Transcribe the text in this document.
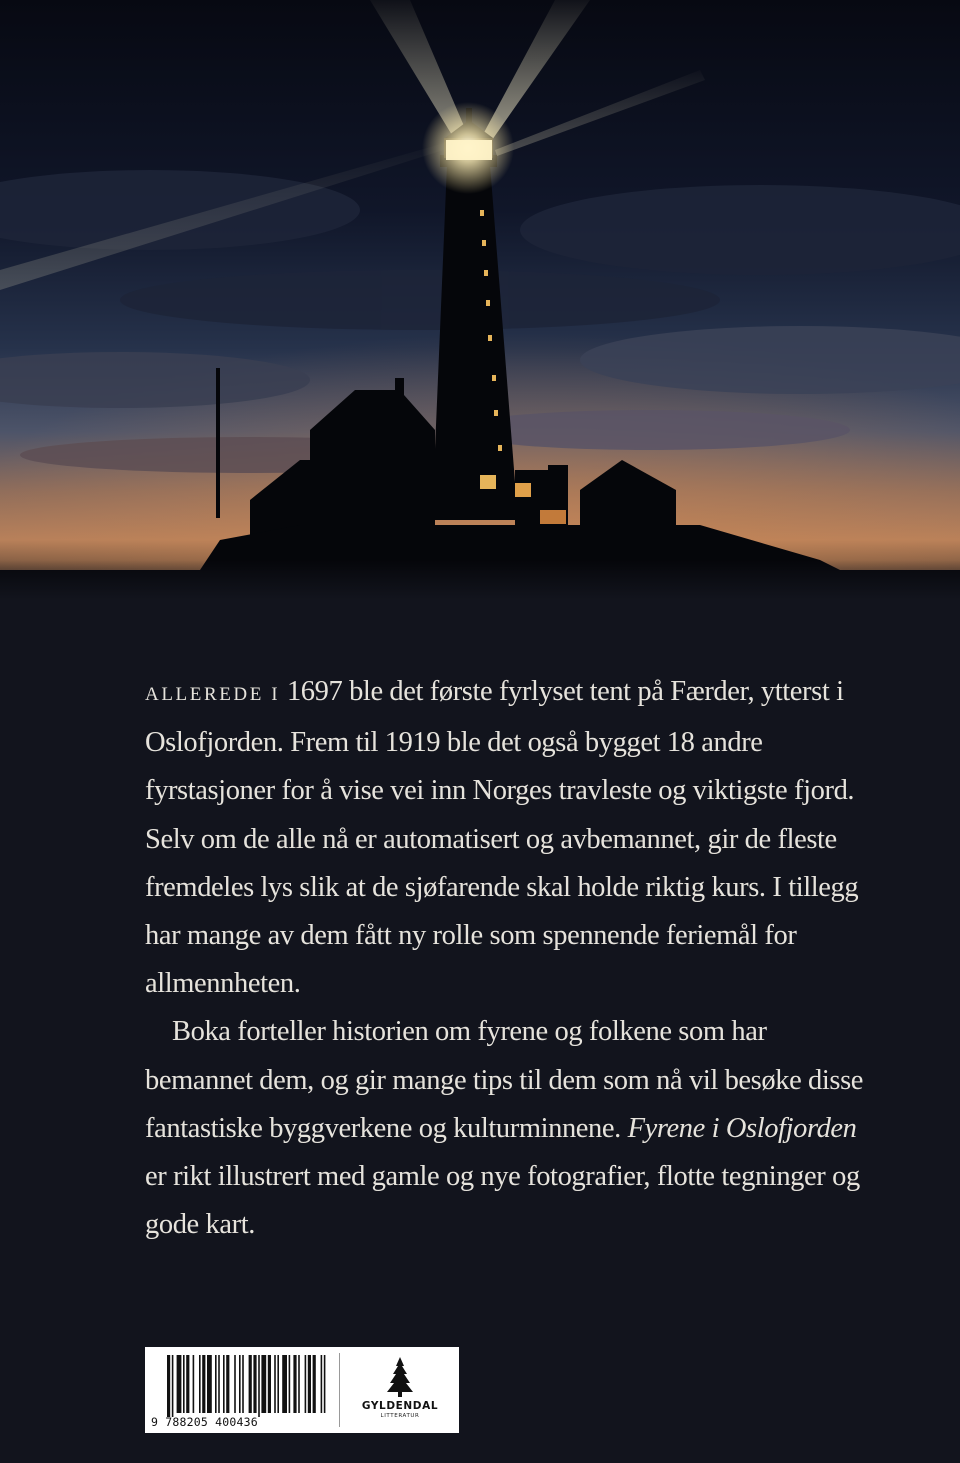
ALLEREDE I 1697 ble det første fyrlyset tent på Færder, ytterst i Oslofjorden. Frem til 1919 ble det også bygget 18 andre fyrstasjoner for å vise vei inn Norges travleste og viktigste fjord. Selv om de alle nå er automatisert og avbemannet, gir de fleste fremdeles lys slik at de sjøfarende skal holde riktig kurs. I tillegg har mange av dem fått ny rolle som spennende feriemål for allmennheten.

Boka forteller historien om fyrene og folkene som har bemannet dem, og gir mange tips til dem som nå vil besøke disse fantastiske byggverkene og kulturminnene. Fyrene i Oslofjorden er rikt illustrert med gamle og nye fotografier, flotte tegninger og gode kart.

9 788205 400436
GYLDENDAL
LITTERATUR
